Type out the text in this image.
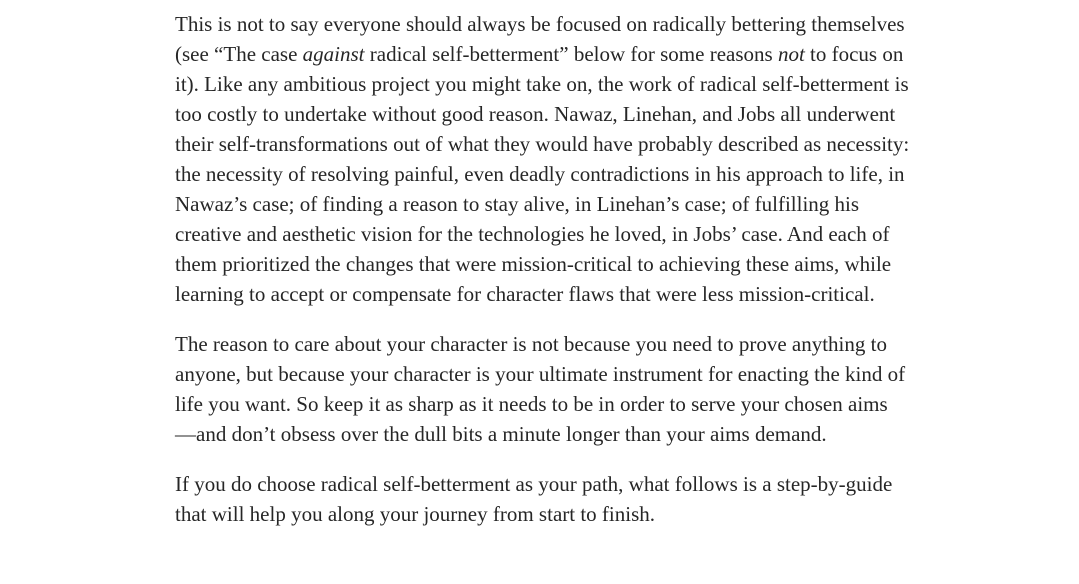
This is not to say everyone should always be focused on radically bettering themselves (see “The case against radical self-betterment” below for some reasons not to focus on it). Like any ambitious project you might take on, the work of radical self-betterment is too costly to undertake without good reason. Nawaz, Linehan, and Jobs all underwent their self-transformations out of what they would have probably described as necessity: the necessity of resolving painful, even deadly contradictions in his approach to life, in Nawaz’s case; of finding a reason to stay alive, in Linehan’s case; of fulfilling his creative and aesthetic vision for the technologies he loved, in Jobs’ case. And each of them prioritized the changes that were mission-critical to achieving these aims, while learning to accept or compensate for character flaws that were less mission-critical.

The reason to care about your character is not because you need to prove anything to anyone, but because your character is your ultimate instrument for enacting the kind of life you want. So keep it as sharp as it needs to be in order to serve your chosen aims —and don’t obsess over the dull bits a minute longer than your aims demand.

If you do choose radical self-betterment as your path, what follows is a step-by-guide that will help you along your journey from start to finish.
